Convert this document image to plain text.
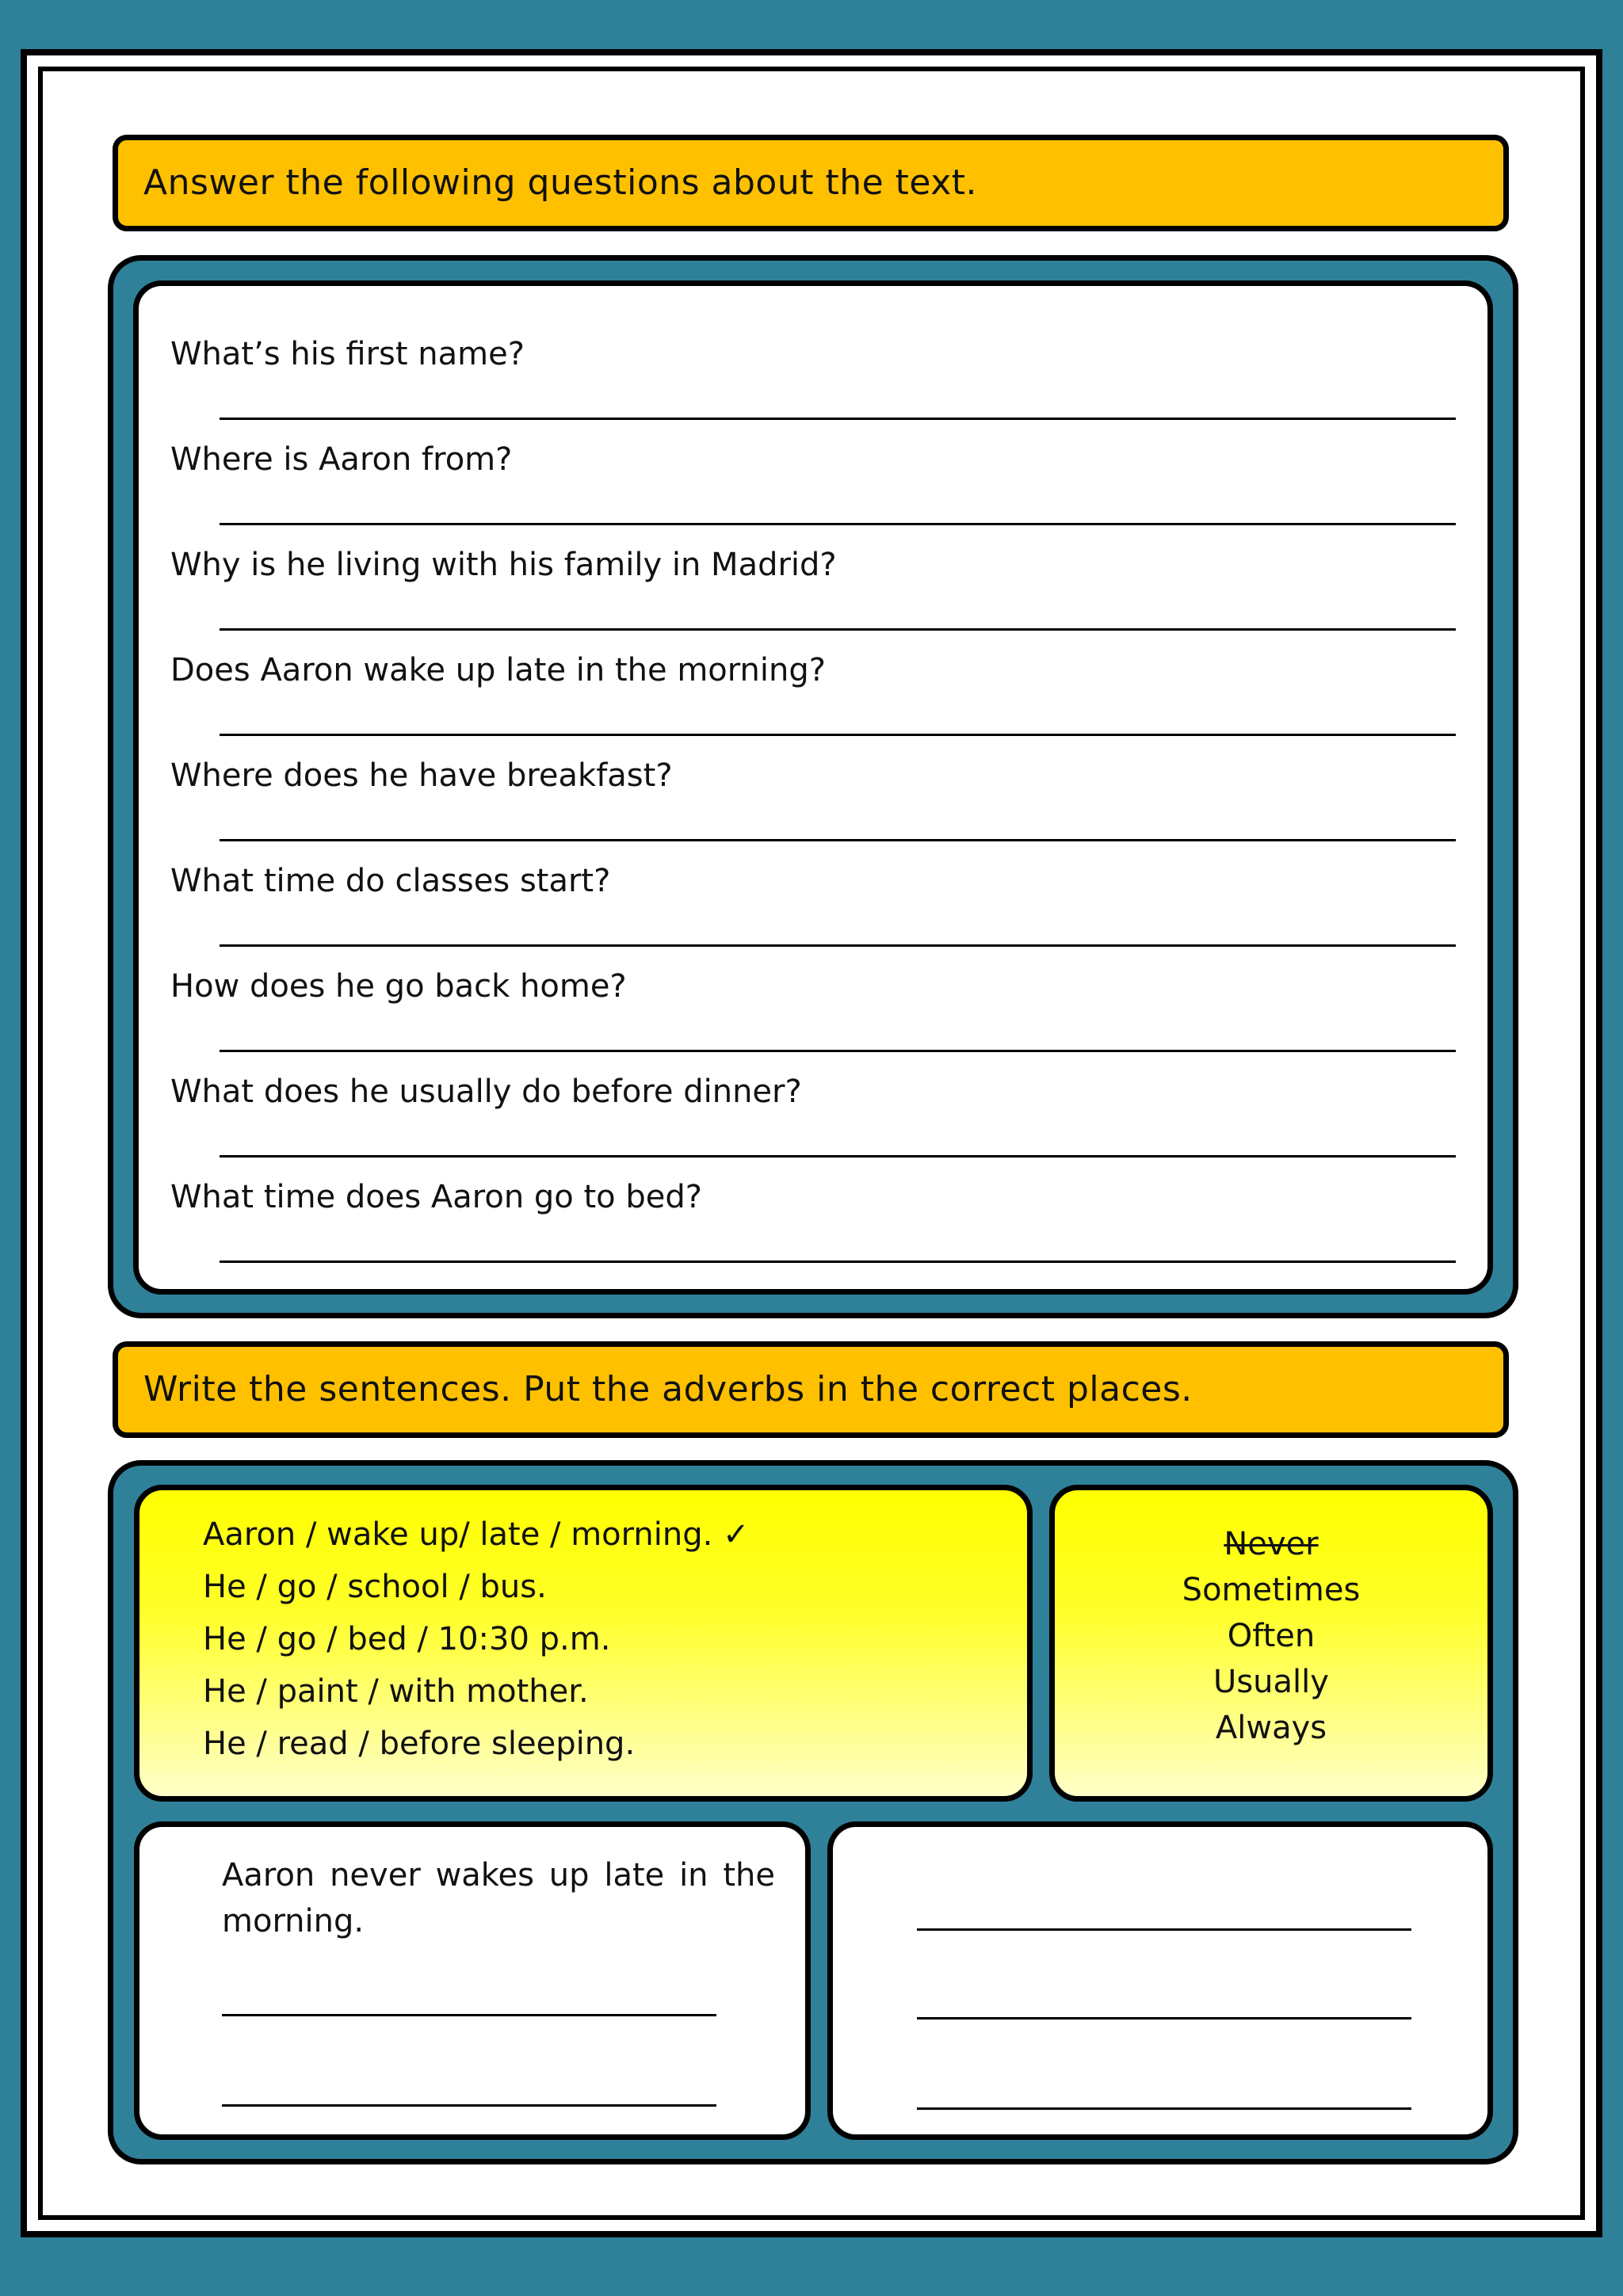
Answer the following questions about the text.
What’s his first name?
Where is Aaron from?
Why is he living with his family in Madrid?
Does Aaron wake up late in the morning?
Where does he have breakfast?
What time do classes start?
How does he go back home?
What does he usually do before dinner?
What time does Aaron go to bed?
Write the sentences. Put the adverbs in the correct places.
Aaron / wake up/ late / morning. ✓
He / go / school / bus.
He / go / bed / 10:30 p.m.
He / paint / with mother.
He / read / before sleeping.
Never
Sometimes
Often
Usually
Always
Aaron never wakes up late in the morning.
